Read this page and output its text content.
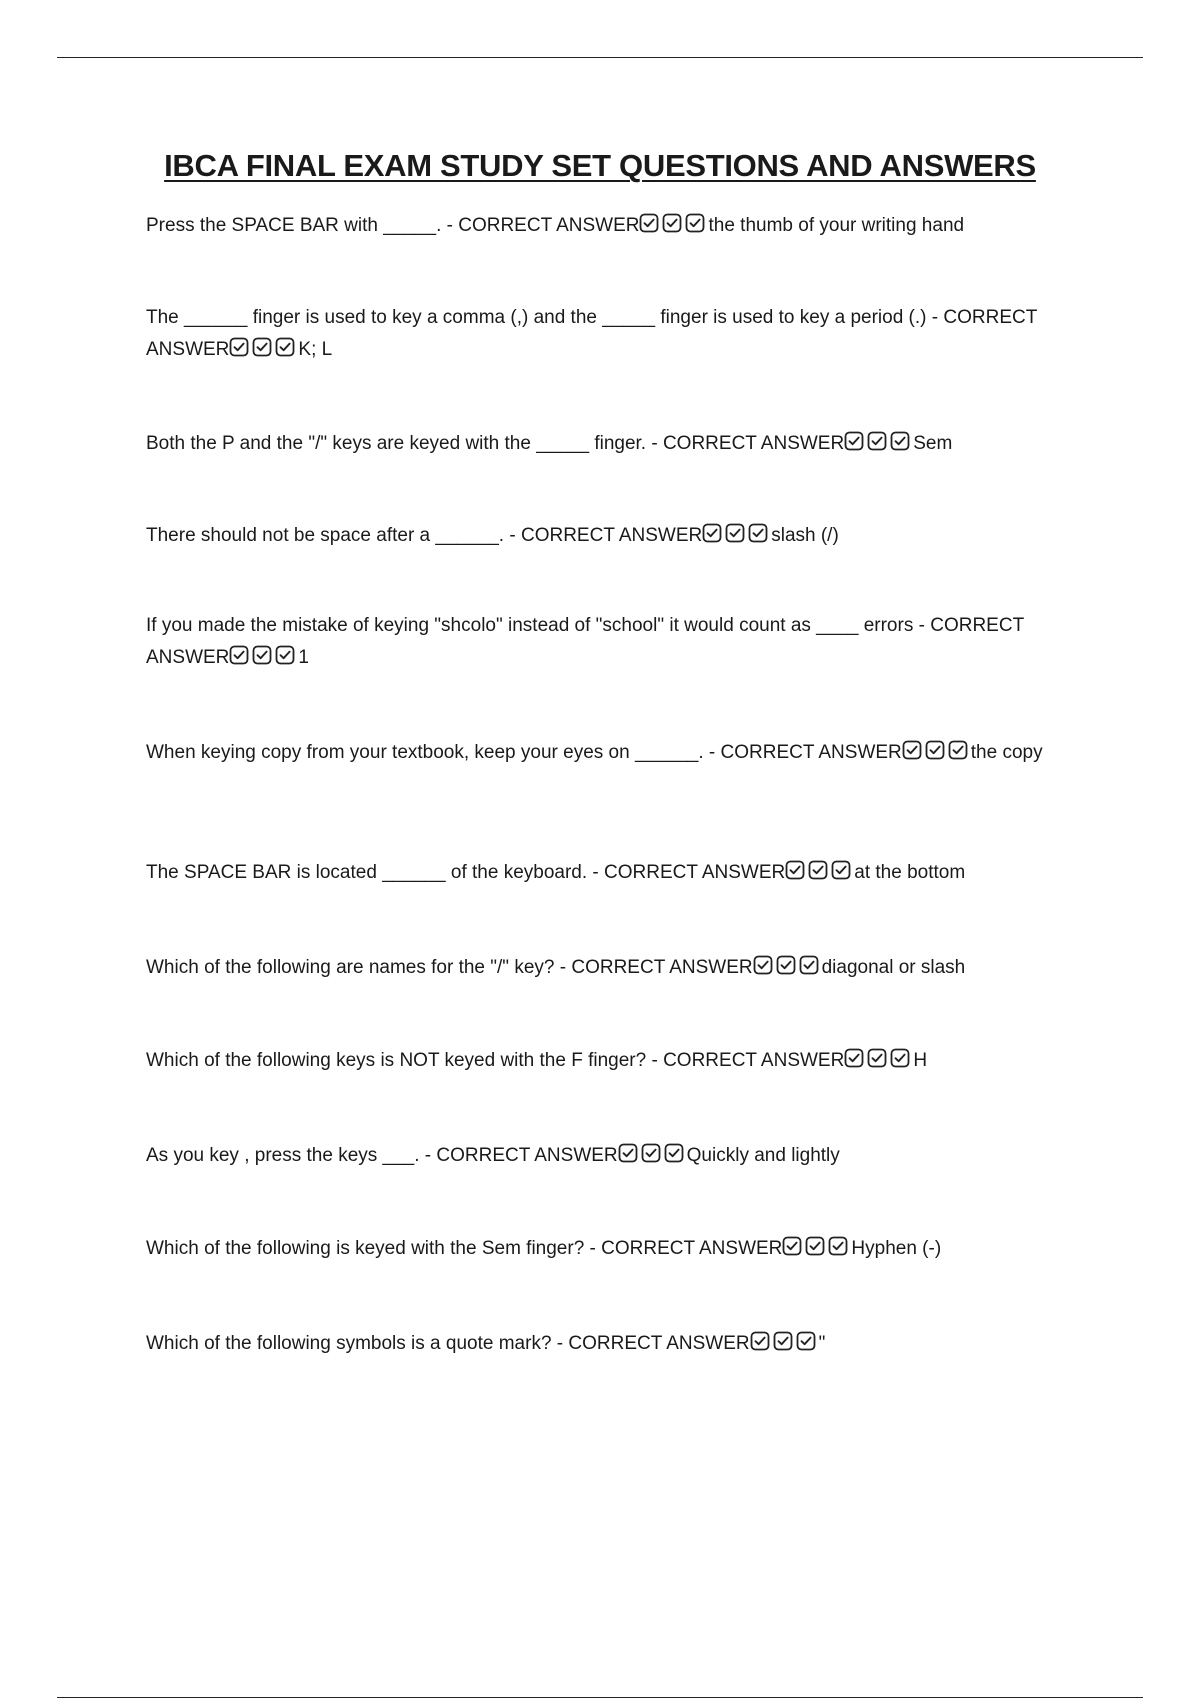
IBCA FINAL EXAM STUDY SET QUESTIONS AND ANSWERS
Press the SPACE BAR with _____. - CORRECT ANSWER	the thumb of your writing hand
The ______ finger is used to key a comma (,) and the _____ finger is used to key a period (.) - CORRECT
ANSWER	K; L
Both the P and the "/" keys are keyed with the _____ finger. - CORRECT ANSWER	Sem
There should not be space after a ______. - CORRECT ANSWER	slash (/)
If you made the mistake of keying "shcolo" instead of "school" it would count as ____ errors - CORRECT
ANSWER	1
When keying copy from your textbook, keep your eyes on ______. - CORRECT ANSWER	the copy
The SPACE BAR is located ______ of the keyboard. - CORRECT ANSWER	at the bottom
Which of the following are names for the "/" key? - CORRECT ANSWER	diagonal or slash
Which of the following keys is NOT keyed with the F finger? - CORRECT ANSWER	H
As you key , press the keys ___. - CORRECT ANSWER	Quickly and lightly
Which of the following is keyed with the Sem finger? - CORRECT ANSWER	Hyphen (-)
Which of the following symbols is a quote mark? - CORRECT ANSWER	"
